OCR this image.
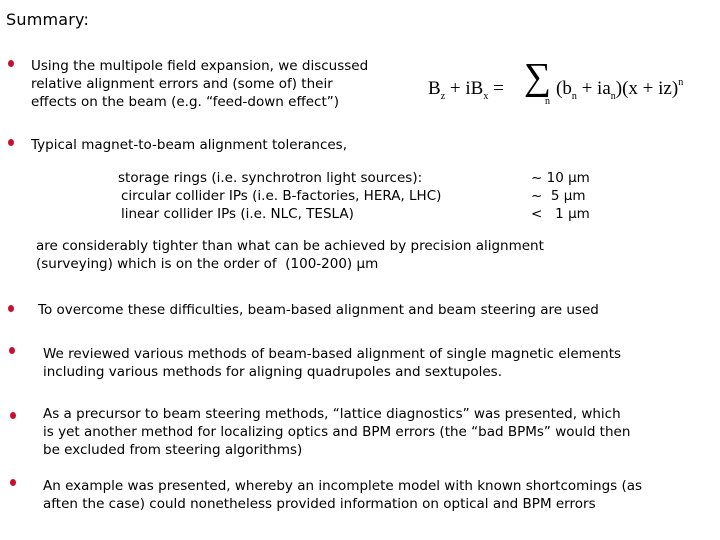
Summary:
Using the multipole field expansion, we discussed
relative alignment errors and (some of) their
effects on the beam (e.g. “feed-down effect”)
$B_z + iB_x$ = ∑
n
$(b_n + ia_n)(x + iz)^n$
Typical magnet-to-beam alignment tolerances,
storage rings (i.e. synchrotron light sources):
circular collider IPs (i.e. B-factories, HERA, LHC)
linear collider IPs (i.e. NLC, TESLA)
~ 10 μm
~  5 μm
<   1 μm
are considerably tighter than what can be achieved by precision alignment
(surveying) which is on the order of  (100-200) μm
To overcome these difficulties, beam-based alignment and beam steering are used
We reviewed various methods of beam-based alignment of single magnetic elements
including various methods for aligning quadrupoles and sextupoles.
As a precursor to beam steering methods, “lattice diagnostics” was presented, which
is yet another method for localizing optics and BPM errors (the “bad BPMs” would then
be excluded from steering algorithms)
An example was presented, whereby an incomplete model with known shortcomings (as
aften the case) could nonetheless provided information on optical and BPM errors
